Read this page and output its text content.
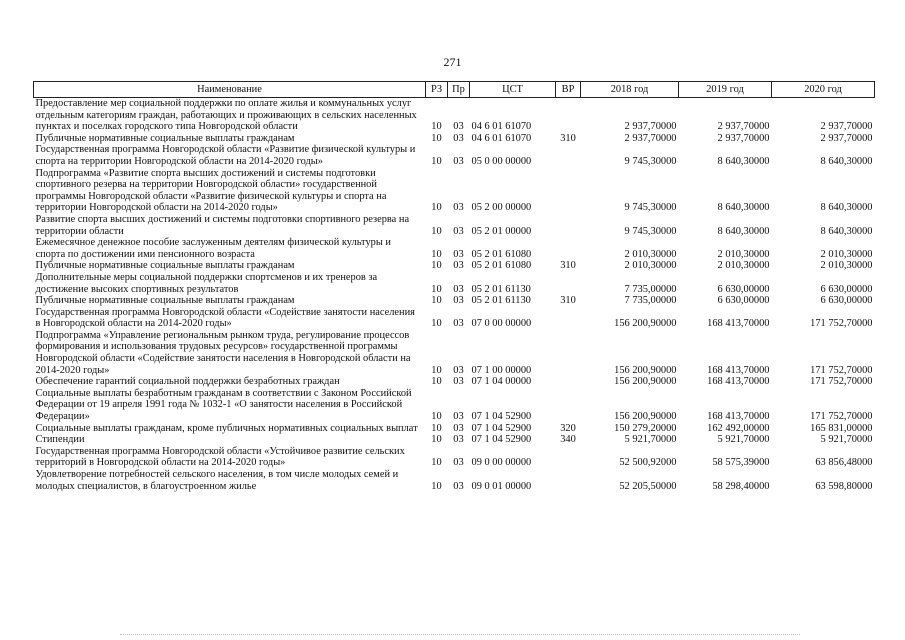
271
Наименование	РЗ	Пр	ЦСТ	ВР	2018 год	2019 год	2020 год
Предоставление мер социальной поддержки по оплате жилья и коммунальных услуг отдельным категориям граждан, работающих и проживающих в сельских населенных пунктах и поселках городского типа Новгородской области	10	03	04 6 01 61070		2 937,70000	2 937,70000	2 937,70000
Публичные нормативные социальные выплаты гражданам	10	03	04 6 01 61070	310	2 937,70000	2 937,70000	2 937,70000
Государственная программа Новгородской области «Развитие физической культуры и спорта на территории Новгородской области на 2014-2020 годы»	10	03	05 0 00 00000		9 745,30000	8 640,30000	8 640,30000
Подпрограмма «Развитие спорта высших достижений и системы подготовки спортивного резерва на территории Новгородской области» государственной программы Новгородской области «Развитие физической культуры и спорта на территории Новгородской области на 2014-2020 годы»	10	03	05 2 00 00000		9 745,30000	8 640,30000	8 640,30000
Развитие спорта высших достижений и системы подготовки спортивного резерва на территории области	10	03	05 2 01 00000		9 745,30000	8 640,30000	8 640,30000
Ежемесячное денежное пособие заслуженным деятелям физической культуры и спорта по достижении ими пенсионного возраста	10	03	05 2 01 61080		2 010,30000	2 010,30000	2 010,30000
Публичные нормативные социальные выплаты гражданам	10	03	05 2 01 61080	310	2 010,30000	2 010,30000	2 010,30000
Дополнительные меры социальной поддержки спортсменов и их тренеров за достижение высоких спортивных результатов	10	03	05 2 01 61130		7 735,00000	6 630,00000	6 630,00000
Публичные нормативные социальные выплаты гражданам	10	03	05 2 01 61130	310	7 735,00000	6 630,00000	6 630,00000
Государственная программа Новгородской области «Содействие занятости населения в Новгородской области на 2014-2020 годы»	10	03	07 0 00 00000		156 200,90000	168 413,70000	171 752,70000
Подпрограмма «Управление региональным рынком труда, регулирование процессов формирования и использования трудовых ресурсов» государственной программы Новгородской области «Содействие занятости населения в Новгородской области на 2014-2020 годы»	10	03	07 1 00 00000		156 200,90000	168 413,70000	171 752,70000
Обеспечение гарантий социальной поддержки безработных граждан	10	03	07 1 04 00000		156 200,90000	168 413,70000	171 752,70000
Социальные выплаты безработным гражданам в соответствии с Законом Российской Федерации от 19 апреля 1991 года № 1032-1 «О занятости населения в Российской Федерации»	10	03	07 1 04 52900		156 200,90000	168 413,70000	171 752,70000
Социальные выплаты гражданам, кроме публичных нормативных социальных выплат	10	03	07 1 04 52900	320	150 279,20000	162 492,00000	165 831,00000
Стипендии	10	03	07 1 04 52900	340	5 921,70000	5 921,70000	5 921,70000
Государственная программа Новгородской области «Устойчивое развитие сельских территорий в Новгородской области на 2014-2020 годы»	10	03	09 0 00 00000		52 500,92000	58 575,39000	63 856,48000
Удовлетворение потребностей сельского населения, в том числе молодых семей и молодых специалистов, в благоустроенном жилье	10	03	09 0 01 00000		52 205,50000	58 298,40000	63 598,80000
